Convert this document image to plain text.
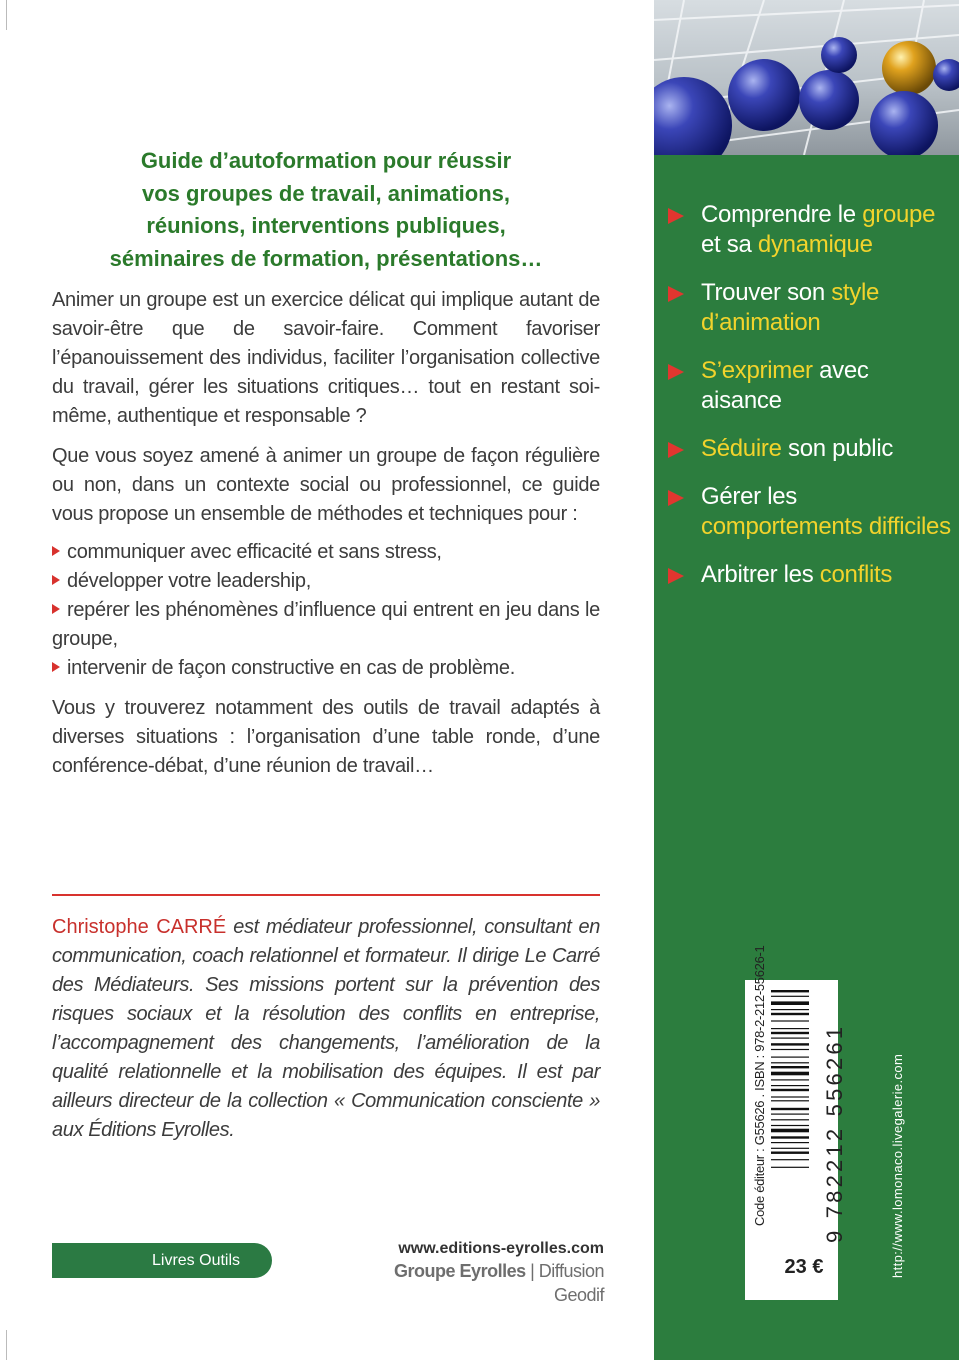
Guide d’autoformation pour réussir
vos groupes de travail, animations,
réunions, interventions publiques,
séminaires de formation, présentations…

Animer un groupe est un exercice délicat qui implique autant de savoir-être que de savoir-faire. Comment favoriser l’épanouissement des individus, faciliter l’organisation collective du travail, gérer les situations critiques… tout en restant soi-même, authentique et responsable ?

Que vous soyez amené à animer un groupe de façon régulière ou non, dans un contexte social ou professionnel, ce guide vous propose un ensemble de méthodes et techniques pour :

communiquer avec efficacité et sans stress,
développer votre leadership,
repérer les phénomènes d’influence qui entrent en jeu dans le groupe,
intervenir de façon constructive en cas de problème.

Vous y trouverez notamment des outils de travail adaptés à diverses situations : l’organisation d’une table ronde, d’une conférence-débat, d’une réunion de travail…

Christophe CARRÉ est médiateur professionnel, consultant en communication, coach relationnel et formateur. Il dirige Le Carré des Médiateurs. Ses missions portent sur la prévention des risques sociaux et la résolution des conflits en entreprise, l’accompagnement des changements, l’amélioration de la qualité relationnelle et la mobilisation des équipes. Il est par ailleurs directeur de la collection « Communication consciente » aux Éditions Eyrolles.

Livres Outils
www.editions-eyrolles.com
Groupe Eyrolles | Diffusion Geodif
Comprendre le groupe et sa dynamique
Trouver son style d’animation
S’exprimer avec aisance
Séduire son public
Gérer les comportements difficiles
Arbitrer les conflits
Code éditeur : G55626 . ISBN : 978-2-212-55626-1	9 782212 556261
23 €	http://www.lomonaco.livegalerie.com
